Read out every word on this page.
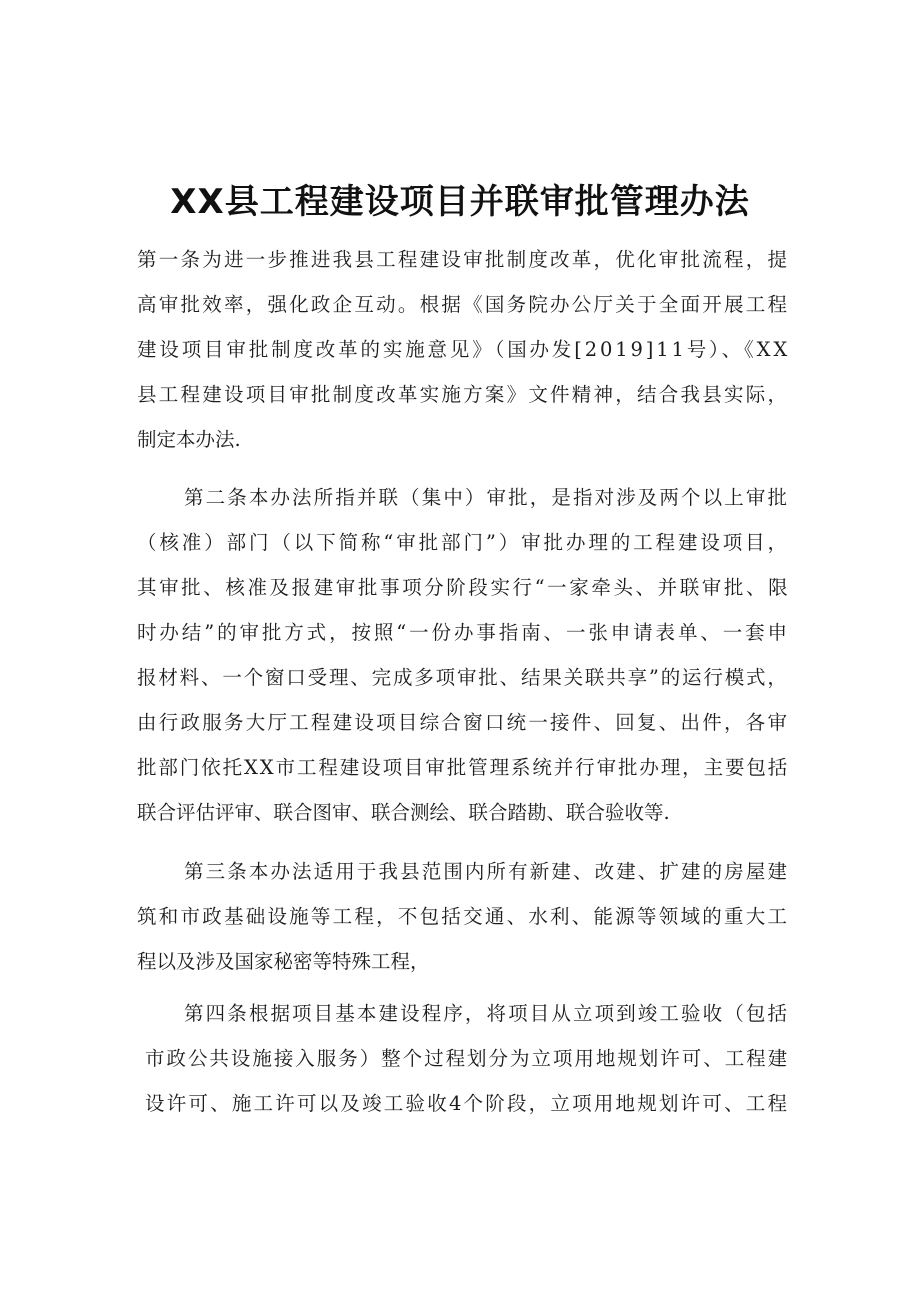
XX县工程建设项目并联审批管理办法
第一条为进一步推进我县工程建设审批制度改革，优化审批流程，提
高审批效率，强化政企互动。根据《国务院办公厅关于全面开展工程
建设项目审批制度改革的实施意见》（国办发[2019]11号）、《XX
县工程建设项目审批制度改革实施方案》文件精神，结合我县实际，
制定本办法.
第二条本办法所指并联（集中）审批，是指对涉及两个以上审批
（核准）部门（以下简称“审批部门”）审批办理的工程建设项目，
其审批、核准及报建审批事项分阶段实行“一家牵头、并联审批、限
时办结”的审批方式，按照“一份办事指南、一张申请表单、一套申
报材料、一个窗口受理、完成多项审批、结果关联共享”的运行模式，
由行政服务大厅工程建设项目综合窗口统一接件、回复、出件，各审
批部门依托XX市工程建设项目审批管理系统并行审批办理，主要包括
联合评估评审、联合图审、联合测绘、联合踏勘、联合验收等.
第三条本办法适用于我县范围内所有新建、改建、扩建的房屋建
筑和市政基础设施等工程，不包括交通、水利、能源等领域的重大工
程以及涉及国家秘密等特殊工程，
第四条根据项目基本建设程序，将项目从立项到竣工验收（包括
市政公共设施接入服务）整个过程划分为立项用地规划许可、工程建
设许可、施工许可以及竣工验收4个阶段，立项用地规划许可、工程
